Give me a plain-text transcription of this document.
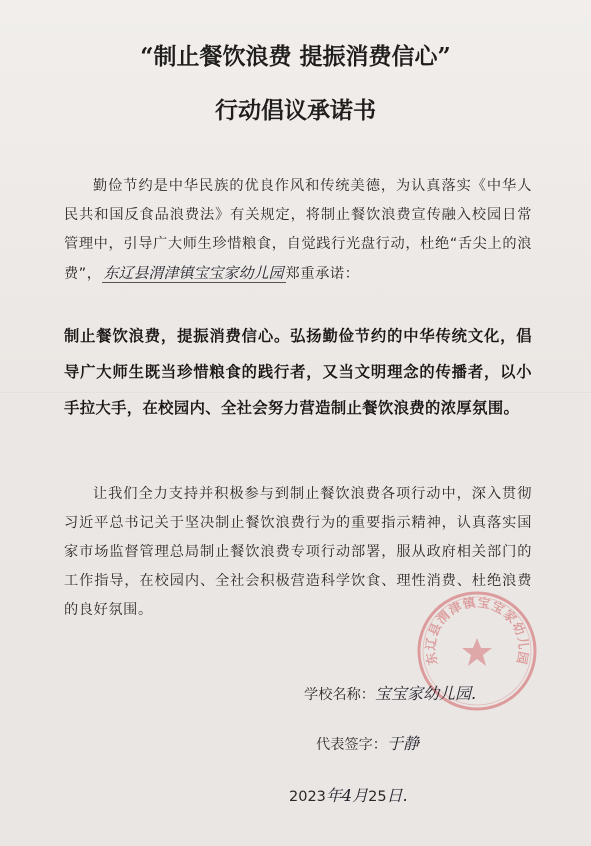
“制止餐饮浪费 提振消费信心”
行动倡议承诺书

勤俭节约是中华民族的优良作风和传统美德，为认真落实《中华人民共和国反食品浪费法》有关规定，将制止餐饮浪费宣传融入校园日常管理中，引导广大师生珍惜粮食，自觉践行光盘行动，杜绝“舌尖上的浪费”， 东辽县渭津镇宝宝家幼儿园 郑重承诺：

制止餐饮浪费，提振消费信心。弘扬勤俭节约的中华传统文化，倡导广大师生既当珍惜粮食的践行者，又当文明理念的传播者，以小手拉大手，在校园内、全社会努力营造制止餐饮浪费的浓厚氛围。

让我们全力支持并积极参与到制止餐饮浪费各项行动中，深入贯彻习近平总书记关于坚决制止餐饮浪费行为的重要指示精神，认真落实国家市场监督管理总局制止餐饮浪费专项行动部署，服从政府相关部门的工作指导，在校园内、全社会积极营造科学饮食、理性消费、杜绝浪费的良好氛围。

东辽县渭津镇宝宝家幼儿园
学校名称：宝宝家幼儿园.
代表签字：于静
2023年4月25日.
